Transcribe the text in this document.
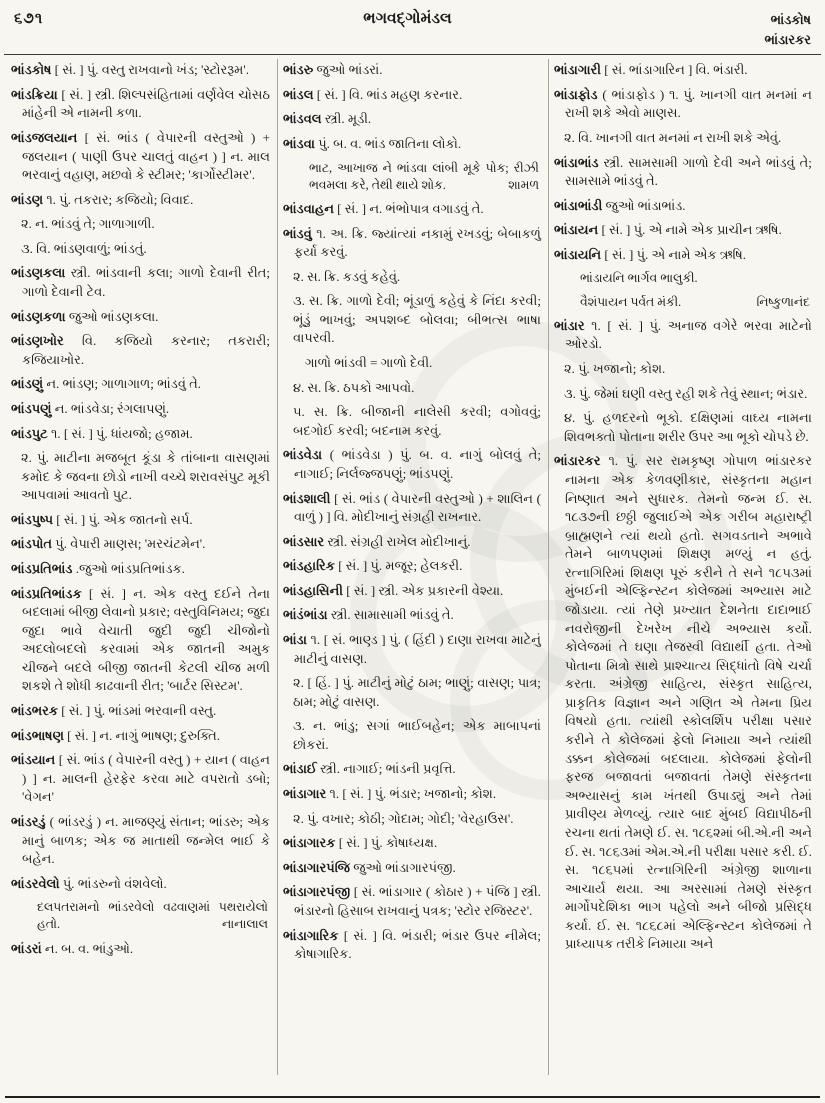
૬૭૧	ભગવદ્ગોમંડલ	ભાંડકોષ
ભાંડારકર

ભાંડકોષ [ સં. ] પું. વસ્તુ રાખવાનો ખંડ; 'સ્ટોરરૂમ'.

ભાંડક્રિયા [ સં. ] સ્ત્રી. શિલ્પસંહિતામાં વર્ણવેલ ચોસઠ માંહેની એ નામની કળા.

ભાંડજલયાન [ સં. ભાંડ ( વેપારની વસ્તુઓ ) + જલયાન ( પાણી ઉપર ચાલતું વાહન ) ] ન. માલ ભરવાનું વહાણ, મછવો કે સ્ટીમર; 'કાર્ગોસ્ટીમર'.

ભાંડણ ૧. પું. તકરાર; કજિયો; વિવાદ.

૨. ન. ભાંડવું તે; ગાળાગાળી.

૩. વિ. ભાંડણવાળું; ભાંડતું.

ભાંડણકલા સ્ત્રી. ભાંડવાની કલા; ગાળો દેવાની રીત; ગાળો દેવાની ટેવ.

ભાંડણકળા જુઓ ભાંડણકલા.

ભાંડણખોર વિ. કજિયો કરનાર; તકરારી; કજિયાખોર.

ભાંડણું ન. ભાંડણ; ગાળાગાળ; ભાંડવું તે.

ભાંડપણું ન. ભાંડવેડા; રંગલાપણું.

ભાંડપુટ ૧. [ સં. ] પું. ધાંયજો; હજામ.

૨. પું. માટીના મજબૂત કૂંડા કે તાંબાના વાસણમાં કમોદ કે જવના છોડો નાખી વચ્ચે શરાવસંપુટ મૂકી આપવામાં આવતો પુટ.

ભાંડપુષ્પ [ સં. ] પું. એક જાતનો સર્પ.

ભાંડપોત પું. વેપારી માણસ; 'મરચંટમેન'.

ભાંડપ્રતિભાંડ .જુઓ ભાંડપ્રતિભાંડક.

ભાંડપ્રતિભાંડક [ સં. ] ન. એક વસ્તુ દઈને તેના બદલામાં બીજી લેવાનો પ્રકાર; વસ્તુવિનિમય; જુદા જુદા ભાવે વેચાતી જુદી જુદી ચીજોનો અદલોબદલો કરવામાં એક જાતની અમુક ચીજને બદલે બીજી જાતની કેટલી ચીજ મળી શકશે તે શોધી કાઢવાની રીત; 'બાર્ટર સિસ્ટમ'.

ભાંડભરક [ સં. ] પું. ભાંડમાં ભરવાની વસ્તુ.

ભાંડભાષણ [ સં. ] ન. નાગું ભાષણ; દુરુક્તિ.

ભાંડયાન [ સં. ભાંડ ( વેપારની વસ્તુ ) + યાન ( વાહન ) ] ન. માલની હેરફેર કરવા માટે વપરાતો ડબો; 'વેગન'

ભાંડરડું ( ભાંડરડું ) ન. માજણ્યું સંતાન; ભાંડરુ; એક માનું બાળક; એક જ માતાથી જન્મેલ ભાઈ કે બહેન.

ભાંડરવેલો પું. ભાંડરુનો વંશવેલો.

દલપતરામનો ભાંડરવેલો વઢવાણમાં પથરાયેલો હતો.	નાનાલાલ

ભાંડરાં ન. બ. વ. ભાંડુઓ.

ભાંડરુ જુઓ ભાંડરાં.

ભાંડલ [ સં. ] વિ. ભાંડ મહણ કરનાર.

ભાંડવલ સ્ત્રી. મૂડી.

ભાંડવા પું. બ. વ. ભાંડ જાતિના લોકો.

ભાટ, આખાજ ને ભાંડવા લાંબી મૂકે પોક; રીઝી ભવમલા કરે, તેથી થાયે શોક.	શામળ

ભાંડવાહન [ સં. ] ન. ભંભોપાત્ર વગાડવું તે.

ભાંડવું ૧. અ. ક્રિ. જ્યાંત્યાં નકામું રખડવું; બેબાકળું ફર્યા કરવું.

૨. સ. ક્રિ. કડવું કહેવું.

૩. સ. ક્રિ. ગાળો દેવી; ભૂંડાળું કહેવું કે નિંદા કરવી; ભૂંડું ભાખવું; અપશબ્દ બોલવા; બીભત્સ ભાષા વાપરવી.

ગાળો ભાંડવી = ગાળો દેવી.

૪. સ. ક્રિ. ઠપકો આપવો.

૫. સ. ક્રિ. બીજાની નાલેસી કરવી; વગોવવું; બદગોઈ કરવી; બદનામ કરવું.

ભાંડવેડા ( ભાંડવેડા ) પું. બ. વ. નાગું બોલવું તે; નાગાઈ; નિર્લજ્જપણું; ભાંડપણું.

ભાંડશાલી [ સં. ભાંડ ( વેપારની વસ્તુઓ ) + શાલિન ( વાળું ) ] વિ. મોદીખાનું સંગ્રહી રાખનાર.

ભાંડસાર સ્ત્રી. સંગ્રહી રાખેલ મોદીખાનું.

ભાંડહારિક [ સં. ] પું. મજૂર; હેલકરી.

ભાંડહાસિની [ સં. ] સ્ત્રી. એક પ્રકારની વેશ્યા.

ભાંડંભાંડા સ્ત્રી. સામાસામી ભાંડવું તે.

ભાંડા ૧. [ સં. ભાણ્ડ ] પું. ( હિંદી ) દાણા રાખવા માટેનું માટીનું વાસણ.

૨. [ હિં. ] પું. માટીનું મોટું ઠામ; ભાણું; વાસણ; પાત્ર; ઠામ; મોટું વાસણ.

૩. ન. ભાંડુ; સગાં ભાઈબહેન; એક માબાપનાં છોકરાં.

ભાંડાઈ સ્ત્રી. નાગાઈ; ભાંડની પ્રવૃત્તિ.

ભાંડાગાર ૧. [ સં. ] પું. ભંડાર; ખજાનો; કોશ.

૨. પું. વખાર; કોઠી; ગોદામ; ગોદી; 'વેરહાઉસ'.

ભાંડાગારક [ સં. ] પું. કોષાધ્યક્ષ.

ભાંડાગારપંજિ જુઓ ભાંડાગારપંજી.

ભાંડાગારપંજી [ સં. ભાંડાગાર ( કોઠાર ) + પંજિ ] સ્ત્રી. ભંડારનો હિસાબ રાખવાનું પત્રક; 'સ્ટોર રજિસ્ટર'.

ભાંડાગારિક [ સં. ] વિ. ભંડારી; ભંડાર ઉપર નીમેલ; કોષાગારિક.

ભાંડાગારી [ સં. ભાંડાગારિન ] વિ. ભંડારી.

ભાંડાફોડ ( ભાંડાફોડ ) ૧. પું. ખાનગી વાત મનમાં ન રાખી શકે એવો માણસ.

૨. વિ. ખાનગી વાત મનમાં ન રાખી શકે એવું.

ભાંડાભાંડ સ્ત્રી. સામસામી ગાળો દેવી અને ભાંડવું તે; સામસામે ભાંડવું તે.

ભાંડાભાંડી જુઓ ભાંડાભાંડ.

ભાંડાયન [ સં. ] પું. એ નામે એક પ્રાચીન ઋષિ.

ભાંડાયનિ [ સં. ] પું. એ નામે એક ઋષિ.

ભાંડાયનિ ભાર્ગવ ભાલુકી.

વૈશંપાયન પર્વત મંકી.	નિષ્કુળાનંદ

ભાંડાર ૧. [ સં. ] પું. અનાજ વગેરે ભરવા માટેનો ઓરડો.

૨. પું. ખજાનો; કોશ.

૩. પું. જેમાં ઘણી વસ્તુ રહી શકે તેવું સ્થાન; ભંડાર.

૪. પું. હળદરનો ભૂકો. દક્ષિણમાં વાઘ્ય નામના શિવભક્તો પોતાના શરીર ઉપર આ ભૂકો ચોપડે છે.

ભાંડારકર ૧. પું. સર રામકૃષ્ણ ગોપાળ ભાંડારકર નામના એક કેળવણીકાર, સંસ્કૃતના મહાન નિષ્ણાત અને સુધારક. તેમનો જન્મ ઈ. સ. ૧૮૩૭ની છઠ્ઠી જુલાઈએ એક ગરીબ મહારાષ્ટ્રી બ્રાહ્મણને ત્યાં થયો હતો. સગવડતાને અભાવે તેમને બાળપણમાં શિક્ષણ મળ્યું ન હતું. રત્નાગિરિમાં શિક્ષણ પૂરું કરીને તે સને ૧૮૫૩માં મુંબઈની એલ્ફિન્સ્ટન કોલેજમાં અભ્યાસ માટે જોડાયા. ત્યાં તેણે પ્રખ્યાત દેશનેતા દાદાભાઈ નવરોજીની દેખરેખ નીચે અભ્યાસ કર્યો. કોલેજમાં તે ઘણા તેજસ્વી વિદ્યાર્થી હતા. તેઓ પોતાના મિત્રો સાથે પ્રાશ્ચાત્ય સિદ્ધાંતો વિષે ચર્ચા કરતા. અંગ્રેજી સાહિત્ય, સંસ્કૃત સાહિત્ય, પ્રાકૃતિક વિજ્ઞાન અને ગણિત એ તેમના પ્રિય વિષયો હતા. ત્યાંથી સ્કોલર્શિપ પરીક્ષા પસાર કરીને તે કોલેજમાં ફેલો નિમાયા અને ત્યાંથી ડક્કન કોલેજમાં બદલાયા. કોલેજમાં ફેલોની ફરજ બજાવતાં બજાવતાં તેમણે સંસ્કૃતના અભ્યાસનું કામ ખંતથી ઉપાડ્યું અને તેમાં પ્રાવીણ્ય મેળવ્યું. ત્યાર બાદ મુંબઈ વિદ્યાપીઠની રચના થતાં તેમણે ઈ. સ. ૧૮૬૨માં બી.એ.ની અને ઈ. સ. ૧૮૬૩માં એમ.એ.ની પરીક્ષા પસાર કરી. ઈ. સ. ૧૮૬૫માં રત્નાગિરિની અંગ્રેજી શાળાના આચાર્ય થયા. આ અરસામાં તેમણે સંસ્કૃત માર્ગોપદેશિકા ભાગ પહેલો અને બીજો પ્રસિદ્ધ કર્યા. ઈ. સ. ૧૮૬૮માં એલ્ફિન્સ્ટન કોલેજમાં તે પ્રાધ્યાપક તરીકે નિમાયા અને
